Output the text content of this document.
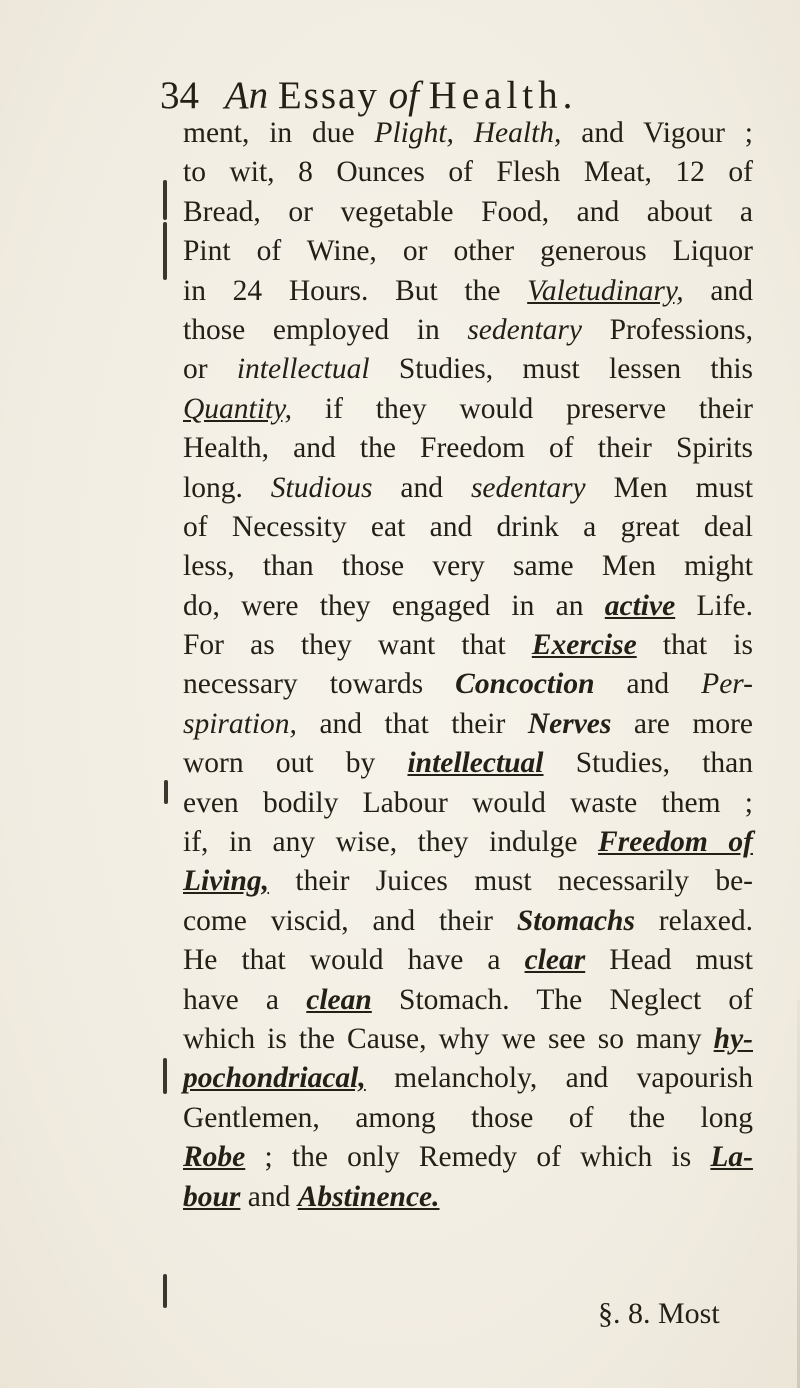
34 An Essay of Health.
ment, in due Plight, Health, and Vigour ;
to wit, 8 Ounces of Flesh Meat, 12 of
Bread, or vegetable Food, and about a
Pint of Wine, or other generous Liquor
in 24 Hours. But the Valetudinary, and
those employed in sedentary Professions,
or intellectual Studies, must lessen this
Quantity, if they would preserve their
Health, and the Freedom of their Spirits
long. Studious and sedentary Men must
of Necessity eat and drink a great deal
less, than those very same Men might
do, were they engaged in an active Life.
For as they want that Exercise that is
necessary towards Concoction and Per-
spiration, and that their Nerves are more
worn out by intellectual Studies, than
even bodily Labour would waste them ;
if, in any wise, they indulge Freedom of
Living, their Juices must necessarily be-
come viscid, and their Stomachs relaxed.
He that would have a clear Head must
have a clean Stomach. The Neglect of
which is the Cause, why we see so many hy-
pochondriacal, melancholy, and vapourish
Gentlemen, among those of the long
Robe ; the only Remedy of which is La-
bour and Abstinence.
§. 8. Most
